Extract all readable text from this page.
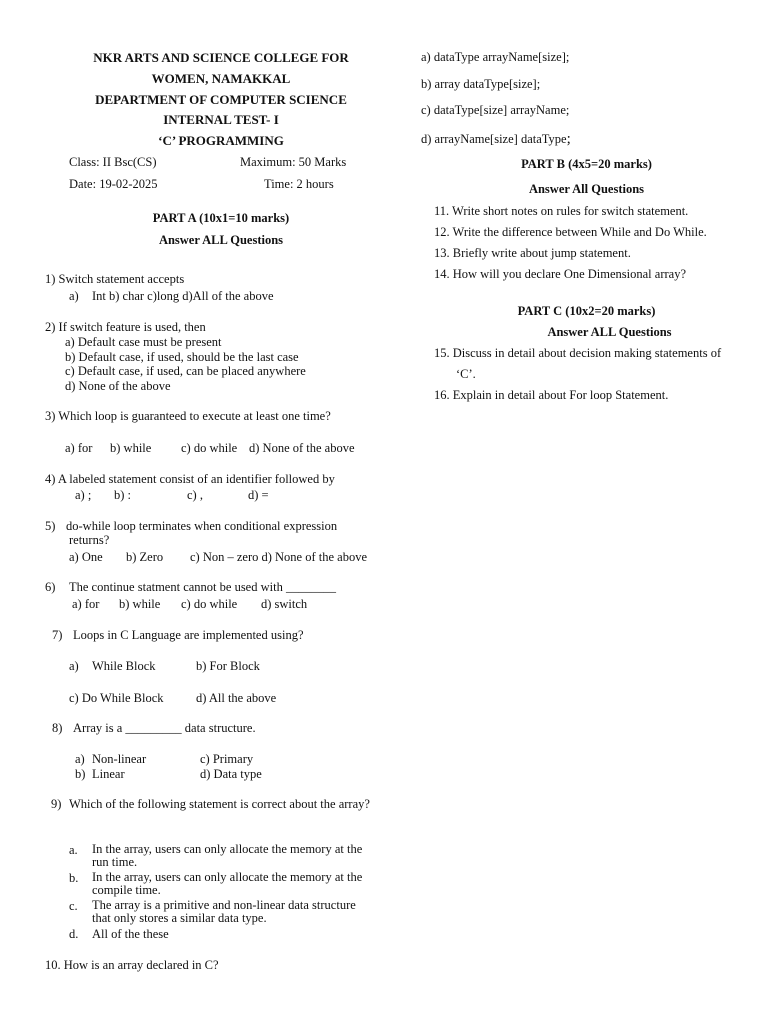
NKR ARTS AND SCIENCE COLLEGE FOR
WOMEN, NAMAKKAL
DEPARTMENT OF COMPUTER SCIENCE
INTERNAL TEST- I
‘C’ PROGRAMMING
Class: II Bsc(CS)	Maximum: 50 Marks
Date: 19-02-2025	Time: 2 hours
PART A (10x1=10 marks)
Answer ALL Questions
1) Switch statement accepts
a) Int b) char c)long d)All of the above
2) If switch feature is used, then
a) Default case must be present
b) Default case, if used, should be the last case
c) Default case, if used, can be placed anywhere
d) None of the above
3) Which loop is guaranteed to execute at least one time?
a) for b) while c) do while d) None of the above
4) A labeled statement consist of an identifier followed by
a) ; b) :	c) ,	d) =
5) do-while loop terminates when conditional expression
returns?
a) One b) Zero c) Non – zero d) None of the above
6) The continue statment cannot be used with ________
a) for b) while c) do while d) switch
7) Loops in C Language are implemented using?
a) While Block	b) For Block
c) Do While Block	d) All the above
8) Array is a _________ data structure.
a) Non-linear	c) Primary
b) Linear	d) Data type
9) Which of the following statement is correct about the array?
a. In the array, users can only allocate the memory at the run time.
b. In the array, users can only allocate the memory at the compile time.
c. The array is a primitive and non-linear data structure that only stores a similar data type.
d. All of the these
10. How is an array declared in C?
a) dataType arrayName[size];
b) array dataType[size];
c) dataType[size] arrayName;
d) arrayName[size] dataType;
PART B (4x5=20 marks)
Answer All Questions
11. Write short notes on rules for switch statement.
12. Write the difference between While and Do While.
13. Briefly write about jump statement.
14. How will you declare One Dimensional array?
PART C (10x2=20 marks)
Answer ALL Questions
15. Discuss in detail about decision making statements of
‘C’.
16. Explain in detail about For loop Statement.
